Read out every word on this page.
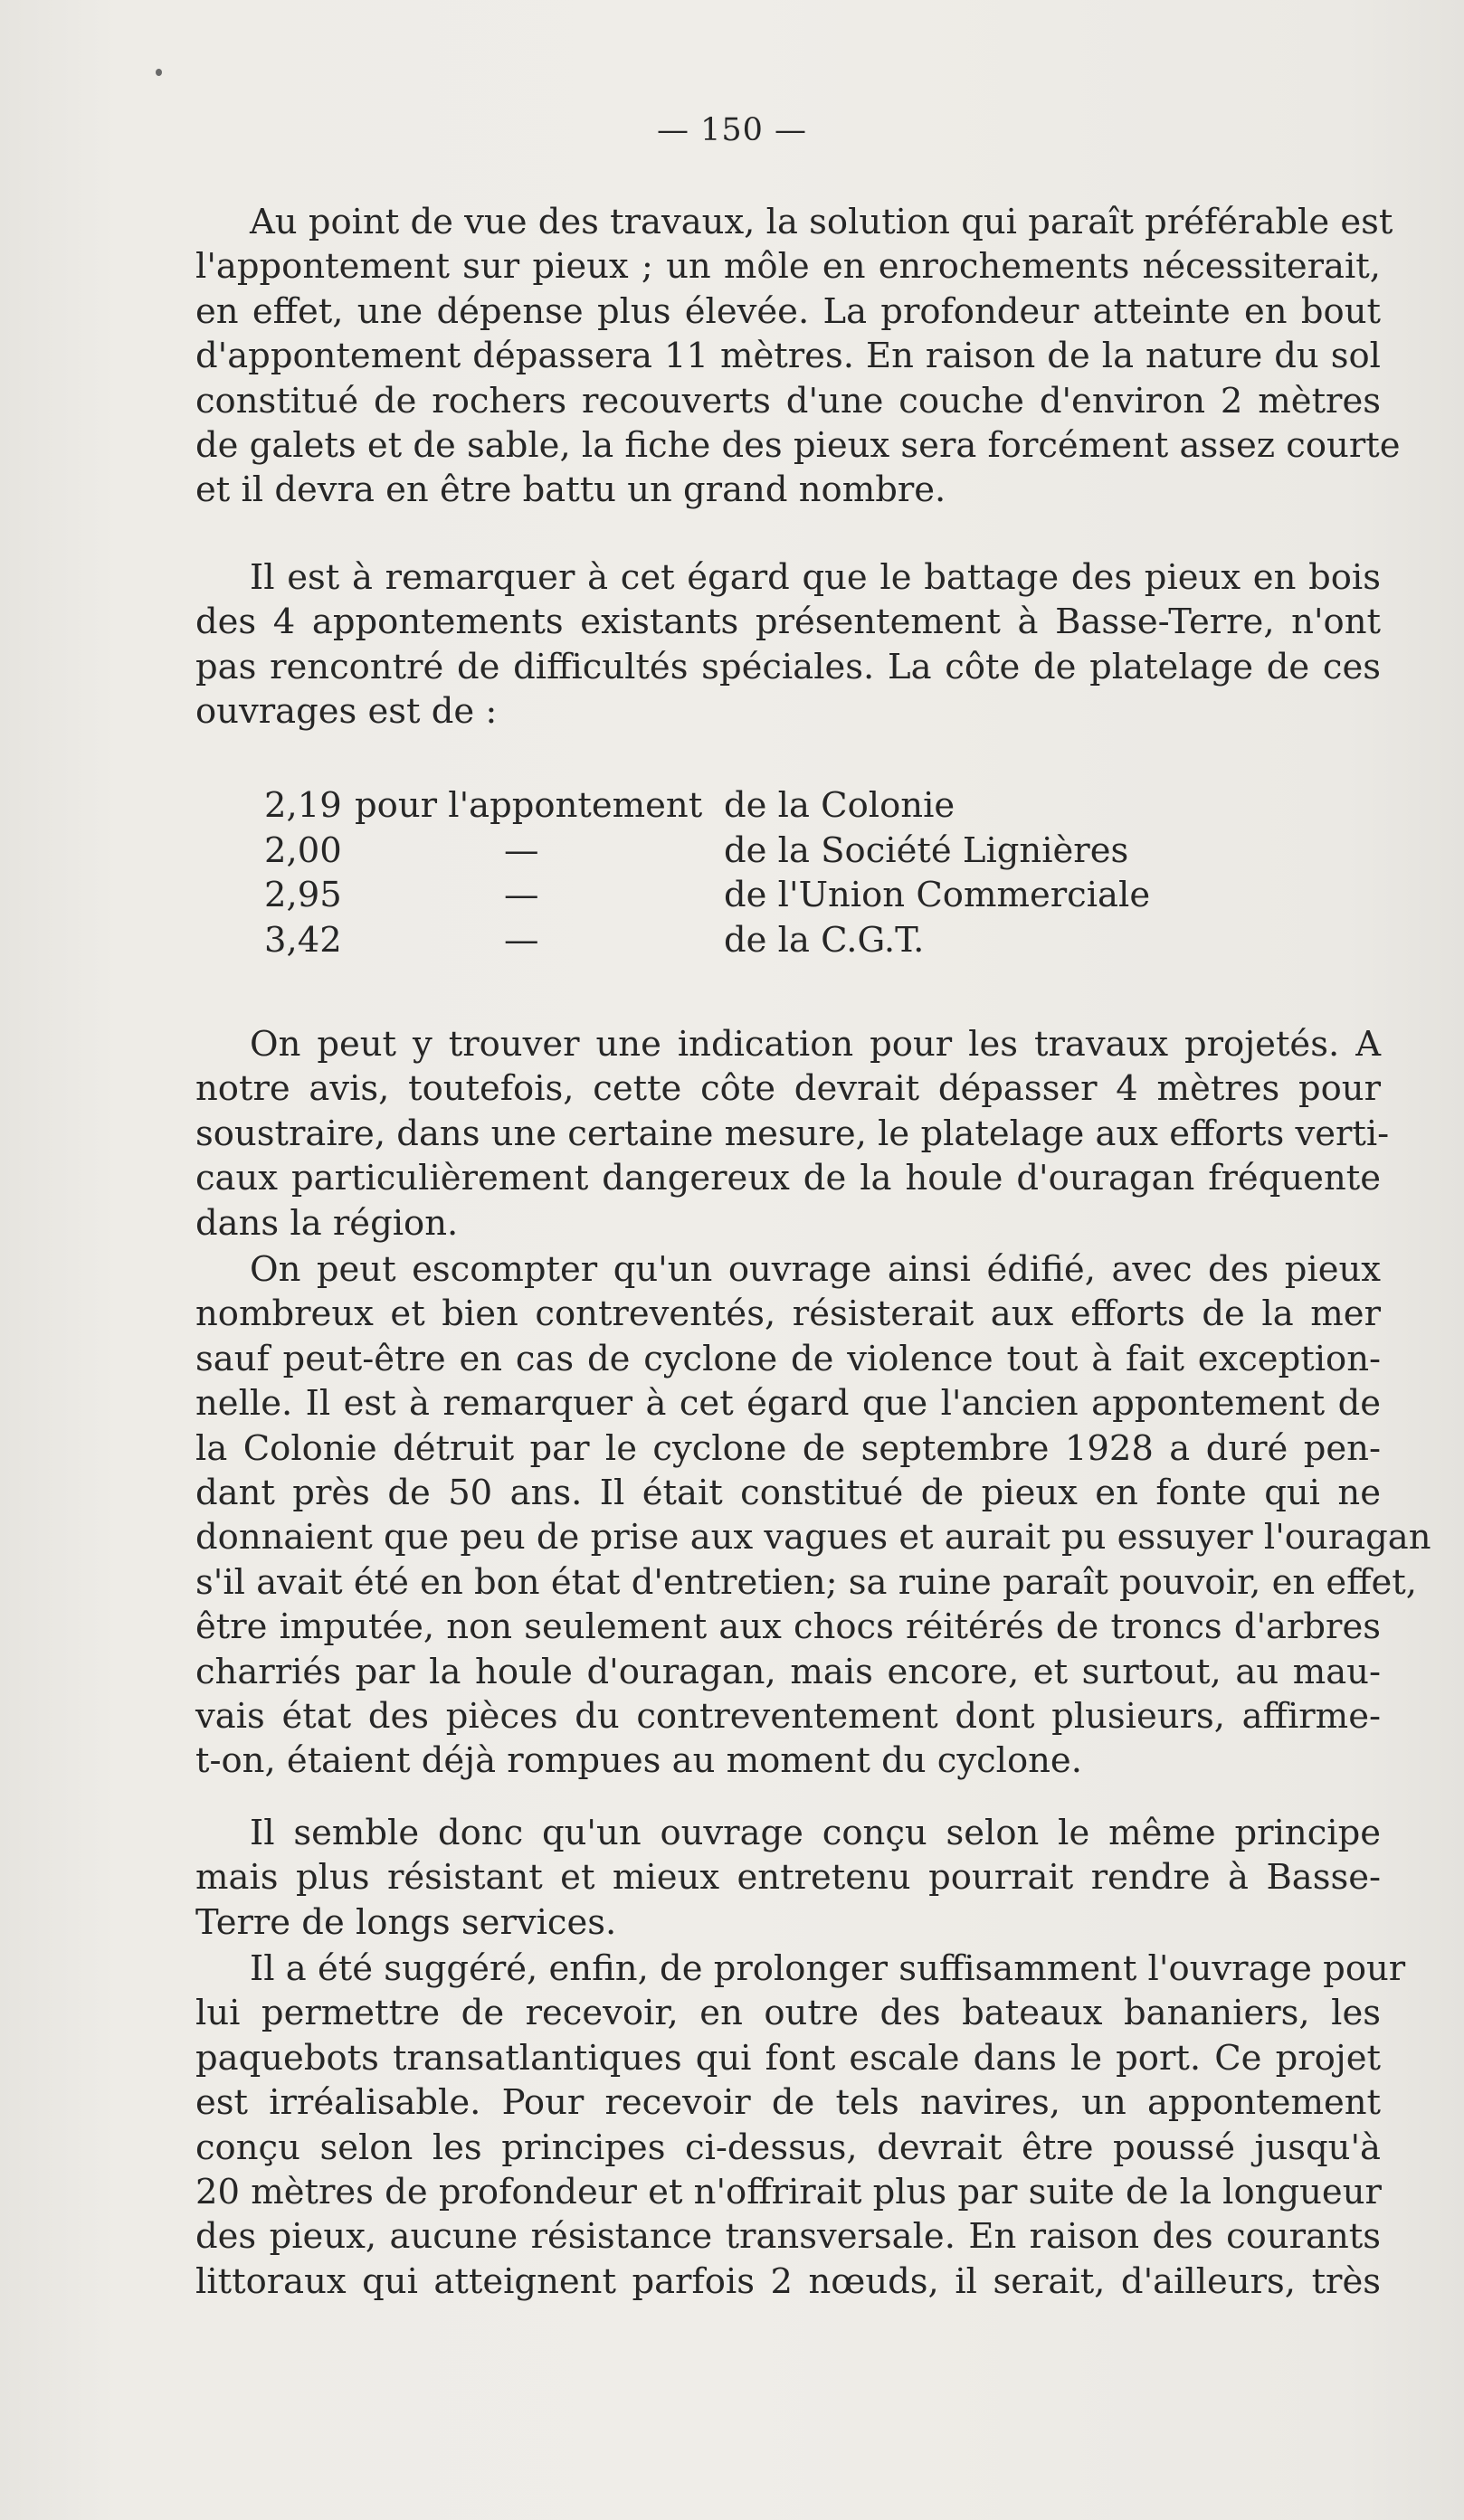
— 150 —
Au point de vue des travaux, la solution qui paraît préférable est
l'appontement sur pieux ; un môle en enrochements nécessiterait,
en effet, une dépense plus élevée. La profondeur atteinte en bout
d'appontement dépassera 11 mètres. En raison de la nature du sol
constitué de rochers recouverts d'une couche d'environ 2 mètres
de galets et de sable, la fiche des pieux sera forcément assez courte
et il devra en être battu un grand nombre.
Il est à remarquer à cet égard que le battage des pieux en bois
des 4 appontements existants présentement à Basse-Terre, n'ont
pas rencontré de difficultés spéciales. La côte de platelage de ces
ouvrages est de :
2,19 pour l'appontement de la Colonie
2,00	—	de la Société Lignières
2,95	—	de l'Union Commerciale
3,42	—	de la C.G.T.
On peut y trouver une indication pour les travaux projetés. A
notre avis, toutefois, cette côte devrait dépasser 4 mètres pour
soustraire, dans une certaine mesure, le platelage aux efforts verti-
caux particulièrement dangereux de la houle d'ouragan fréquente
dans la région.
On peut escompter qu'un ouvrage ainsi édifié, avec des pieux
nombreux et bien contreventés, résisterait aux efforts de la mer
sauf peut-être en cas de cyclone de violence tout à fait exception-
nelle. Il est à remarquer à cet égard que l'ancien appontement de
la Colonie détruit par le cyclone de septembre 1928 a duré pen-
dant près de 50 ans. Il était constitué de pieux en fonte qui ne
donnaient que peu de prise aux vagues et aurait pu essuyer l'ouragan
s'il avait été en bon état d'entretien; sa ruine paraît pouvoir, en effet,
être imputée, non seulement aux chocs réitérés de troncs d'arbres
charriés par la houle d'ouragan, mais encore, et surtout, au mau-
vais état des pièces du contreventement dont plusieurs, affirme-
t-on, étaient déjà rompues au moment du cyclone.
Il semble donc qu'un ouvrage conçu selon le même principe
mais plus résistant et mieux entretenu pourrait rendre à Basse-
Terre de longs services.
Il a été suggéré, enfin, de prolonger suffisamment l'ouvrage pour
lui permettre de recevoir, en outre des bateaux bananiers, les
paquebots transatlantiques qui font escale dans le port. Ce projet
est irréalisable. Pour recevoir de tels navires, un appontement
conçu selon les principes ci-dessus, devrait être poussé jusqu'à
20 mètres de profondeur et n'offrirait plus par suite de la longueur
des pieux, aucune résistance transversale. En raison des courants
littoraux qui atteignent parfois 2 nœuds, il serait, d'ailleurs, très
